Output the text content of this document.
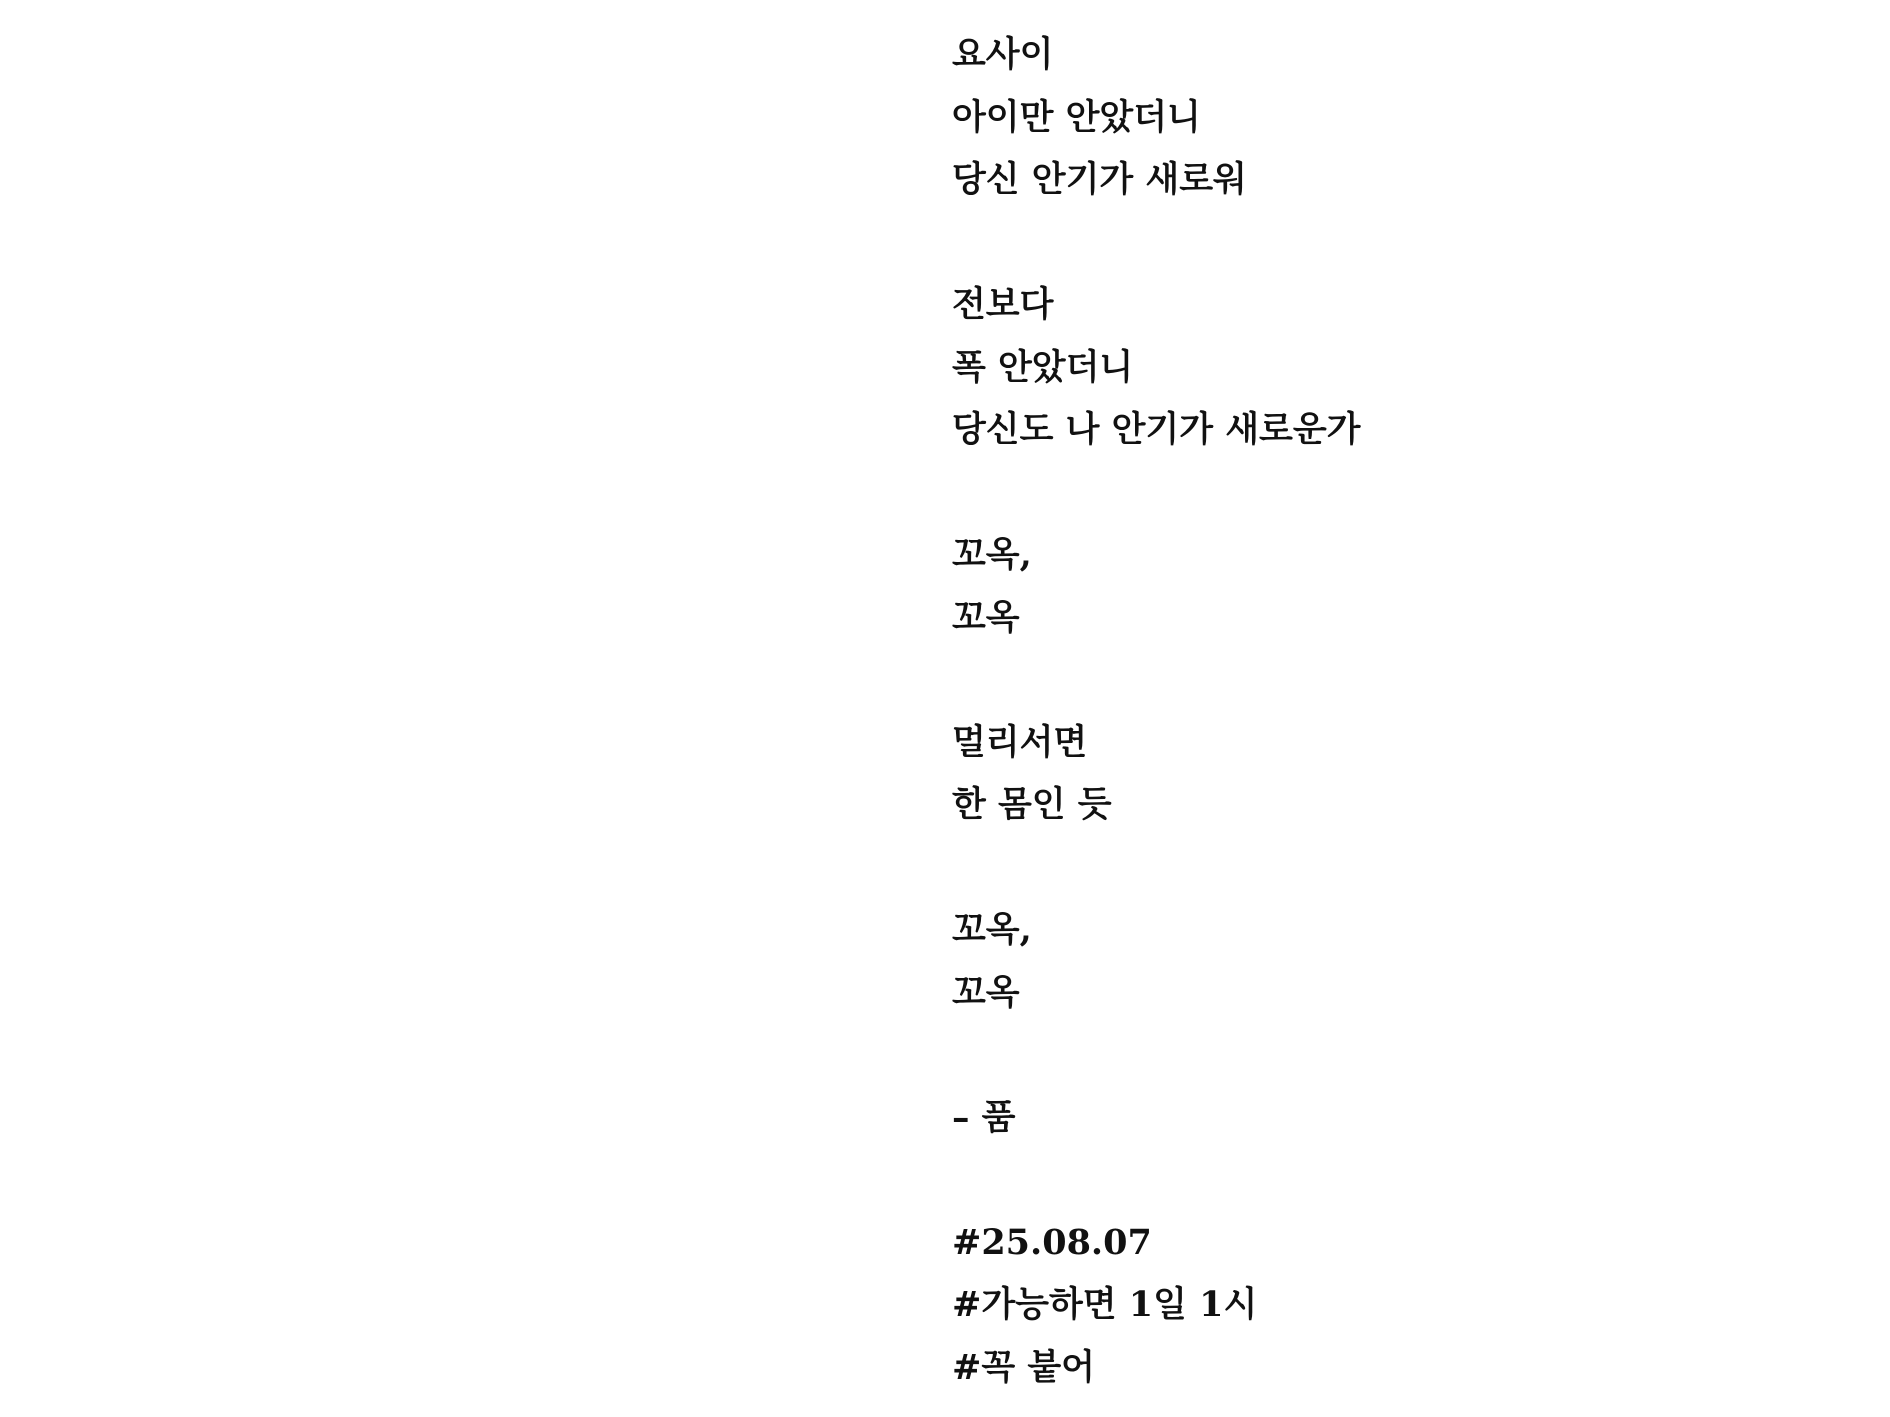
요사이
아이만 안았더니
당신 안기가 새로워
전보다
폭 안았더니
당신도 나 안기가 새로운가
꼬옥,
꼬옥
멀리서면
한 몸인 듯
꼬옥,
꼬옥
– 품
#25.08.07
#가능하면 1일 1시
#꼭 붙어
